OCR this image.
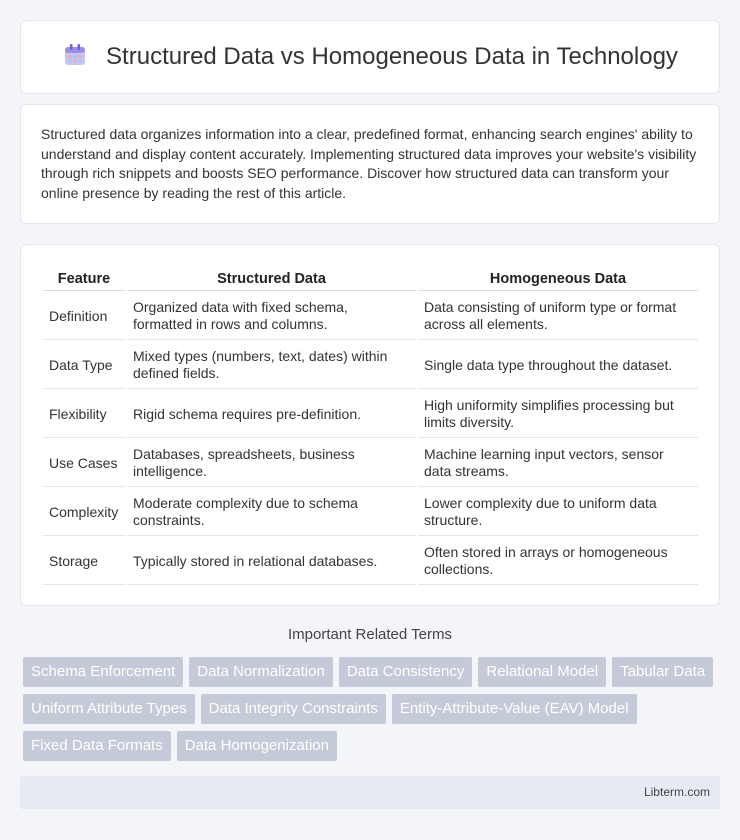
Structured Data vs Homogeneous Data in Technology

Structured data organizes information into a clear, predefined format, enhancing search engines' ability to understand and display content accurately. Implementing structured data improves your website's visibility through rich snippets and boosts SEO performance. Discover how structured data can transform your online presence by reading the rest of this article.

Feature	Structured Data	Homogeneous Data
Definition	Organized data with fixed schema, formatted in rows and columns.	Data consisting of uniform type or format across all elements.
Data Type	Mixed types (numbers, text, dates) within defined fields.	Single data type throughout the dataset.
Flexibility	Rigid schema requires pre-definition.	High uniformity simplifies processing but limits diversity.
Use Cases	Databases, spreadsheets, business intelligence.	Machine learning input vectors, sensor data streams.
Complexity	Moderate complexity due to schema constraints.	Lower complexity due to uniform data structure.
Storage	Typically stored in relational databases.	Often stored in arrays or homogeneous collections.
Important Related Terms
Schema Enforcement	Data Normalization	Data Consistency	Relational Model	Tabular Data
Uniform Attribute Types	Data Integrity Constraints	Entity-Attribute-Value (EAV) Model
Fixed Data Formats	Data Homogenization
Libterm.com
